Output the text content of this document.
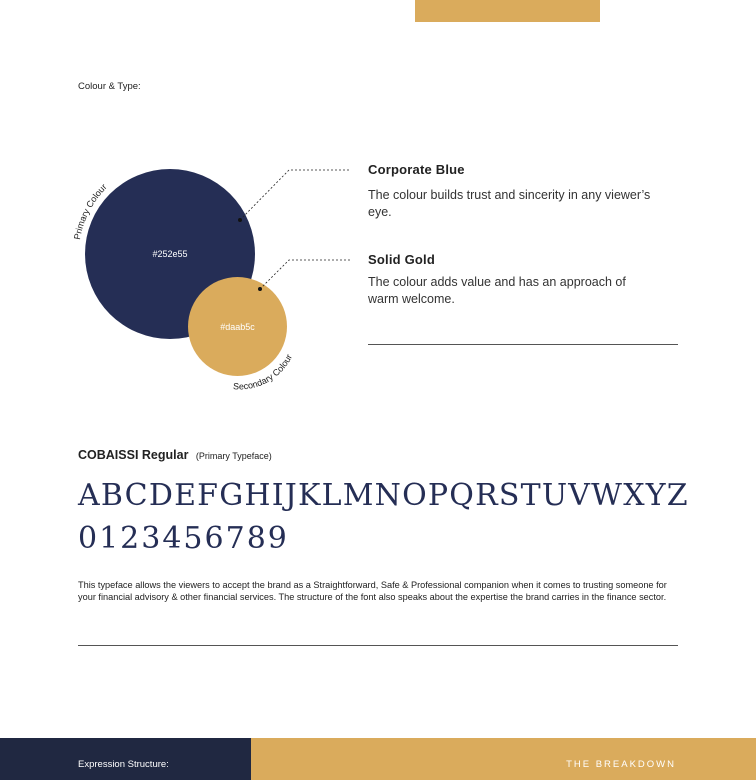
Colour & Type:
#252e55
#daab5c
Primary Colour
Secondary Colour
Corporate Blue
The colour builds trust and sincerity in any viewer’s eye.
Solid Gold
The colour adds value and has an approach of warm welcome.
COBAISSI Regular (Primary Typeface)
ABCDEFGHIJKLMNOPQRSTUVWXYZ
0123456789
This typeface allows the viewers to accept the brand as a Straightforward, Safe & Professional companion when it comes to trusting someone for your financial advisory & other financial services. The structure of the font also speaks about the expertise the brand carries in the finance sector.
Expression Structure:	THE BREAKDOWN
